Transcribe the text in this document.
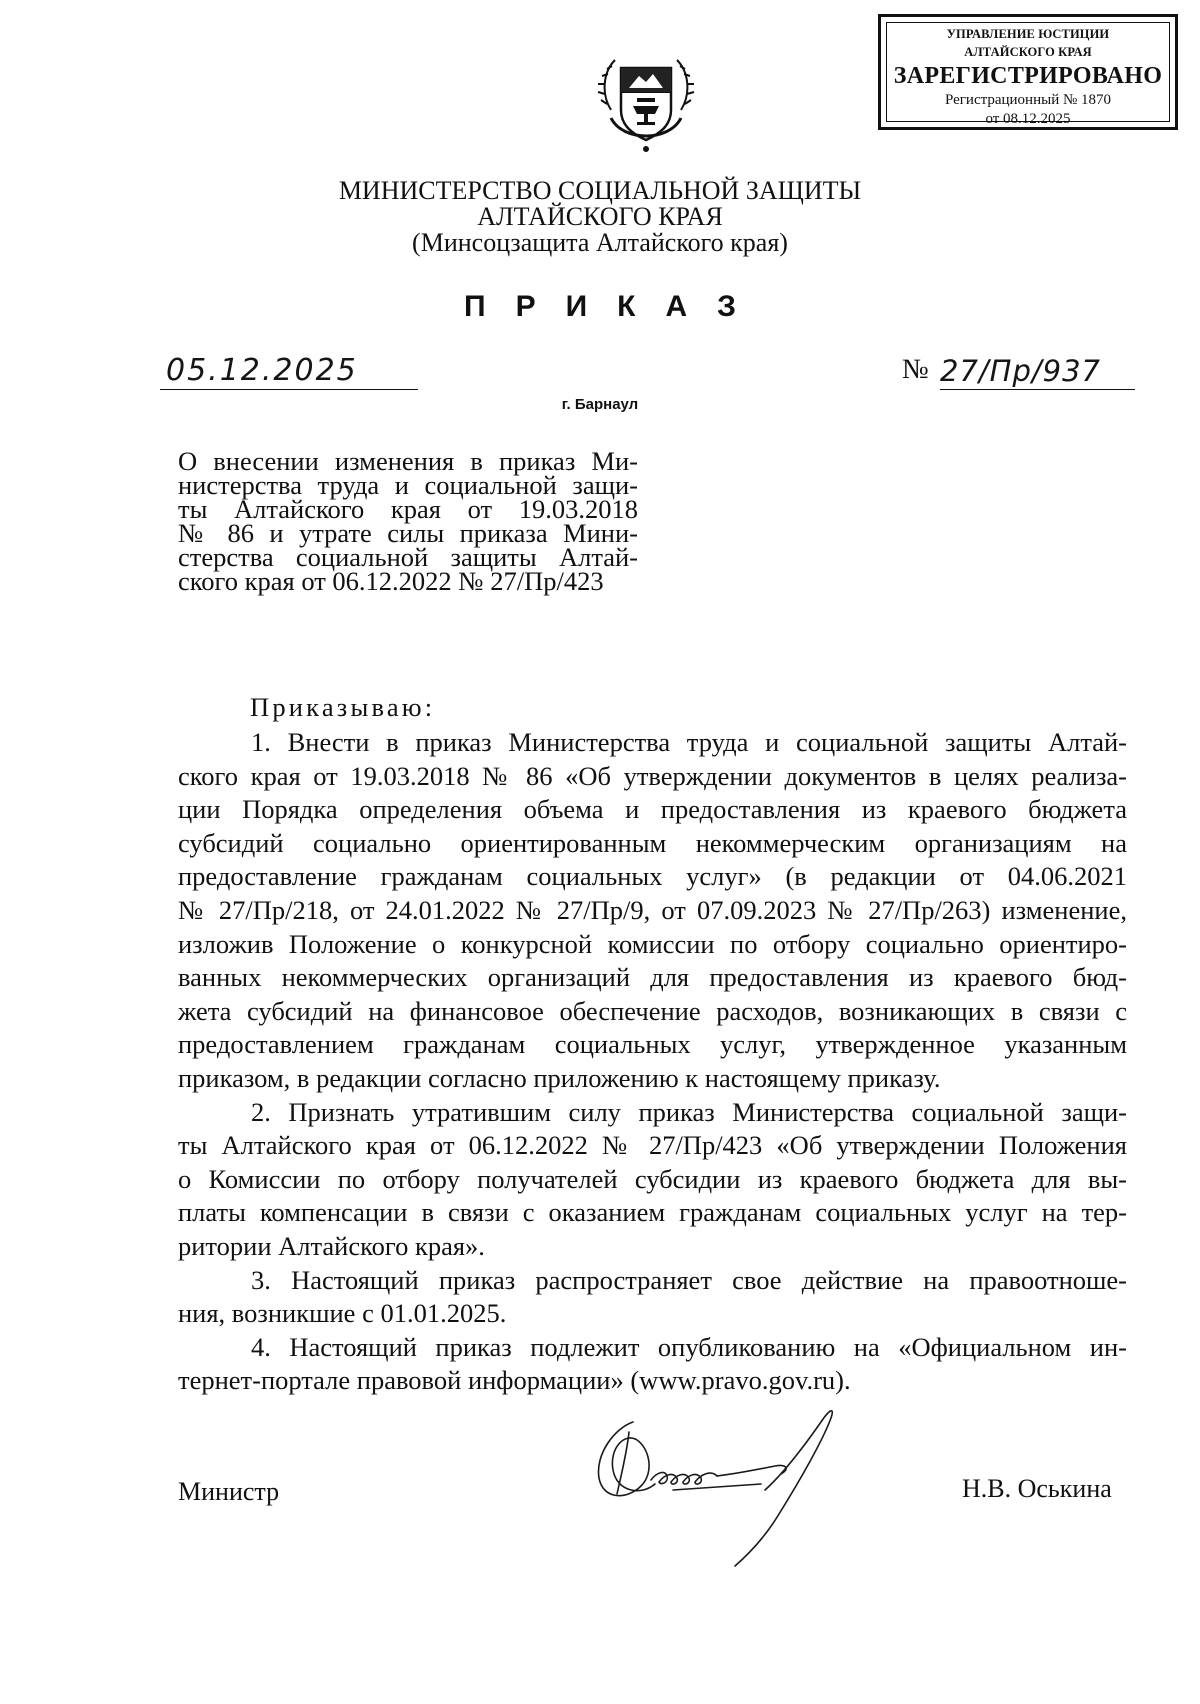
УПРАВЛЕНИЕ ЮСТИЦИИ
АЛТАЙСКОГО КРАЯ
ЗАРЕГИСТРИРОВАНО
Регистрационный № 1870
от 08.12.2025
МИНИСТЕРСТВО СОЦИАЛЬНОЙ ЗАЩИТЫ
АЛТАЙСКОГО КРАЯ
(Минсоцзащита Алтайского края)
ПРИКАЗ
05.12.2025	№ 27/Пр/937
г. Барнаул
О внесении изменения в приказ Ми-
нистерства труда и социальной защи-
ты Алтайского края от 19.03.2018
№ 86 и утрате силы приказа Мини-
стерства социальной защиты Алтай-
ского края от 06.12.2022 № 27/Пр/423
Приказываю:
1. Внести в приказ Министерства труда и социальной защиты Алтай-
ского края от 19.03.2018 № 86 «Об утверждении документов в целях реализа-
ции Порядка определения объема и предоставления из краевого бюджета
субсидий социально ориентированным некоммерческим организациям на
предоставление гражданам социальных услуг» (в редакции от 04.06.2021
№ 27/Пр/218, от 24.01.2022 № 27/Пр/9, от 07.09.2023 № 27/Пр/263) изменение,
изложив Положение о конкурсной комиссии по отбору социально ориентиро-
ванных некоммерческих организаций для предоставления из краевого бюд-
жета субсидий на финансовое обеспечение расходов, возникающих в связи с
предоставлением гражданам социальных услуг, утвержденное указанным
приказом, в редакции согласно приложению к настоящему приказу.
2. Признать утратившим силу приказ Министерства социальной защи-
ты Алтайского края от 06.12.2022 № 27/Пр/423 «Об утверждении Положения
о Комиссии по отбору получателей субсидии из краевого бюджета для вы-
платы компенсации в связи с оказанием гражданам социальных услуг на тер-
ритории Алтайского края».
3. Настоящий приказ распространяет свое действие на правоотноше-
ния, возникшие с 01.01.2025.
4. Настоящий приказ подлежит опубликованию на «Официальном ин-
тернет-портале правовой информации» (www.pravo.gov.ru).
Министр	Н.В. Оськина
